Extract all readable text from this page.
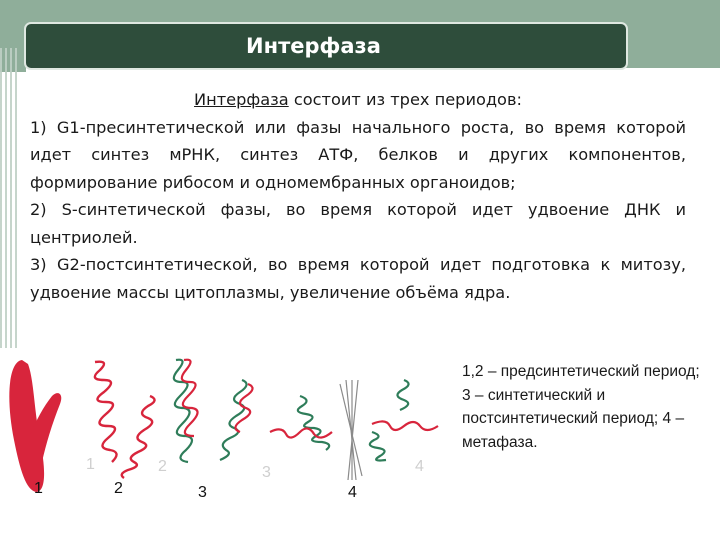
Интерфаза

Интерфаза состоит из трех периодов:

1) G1-пресинтетической или фазы начального роста, во время которой идет синтез мРНК, синтез АТФ, белков и других компонентов, формирование рибосом и одномембранных органоидов;

2) S-синтетической фазы, во время которой идет удвоение ДНК и центриолей.

3) G2-постсинтетической, во время которой идет подготовка к митозу, удвоение массы цитоплазмы, увеличение объёма ядра.

1	2	3	4
1	2	3	4
1,2 – предсинтетический период; 3 – синтетический и постсинтетический период; 4 – метафаза.
